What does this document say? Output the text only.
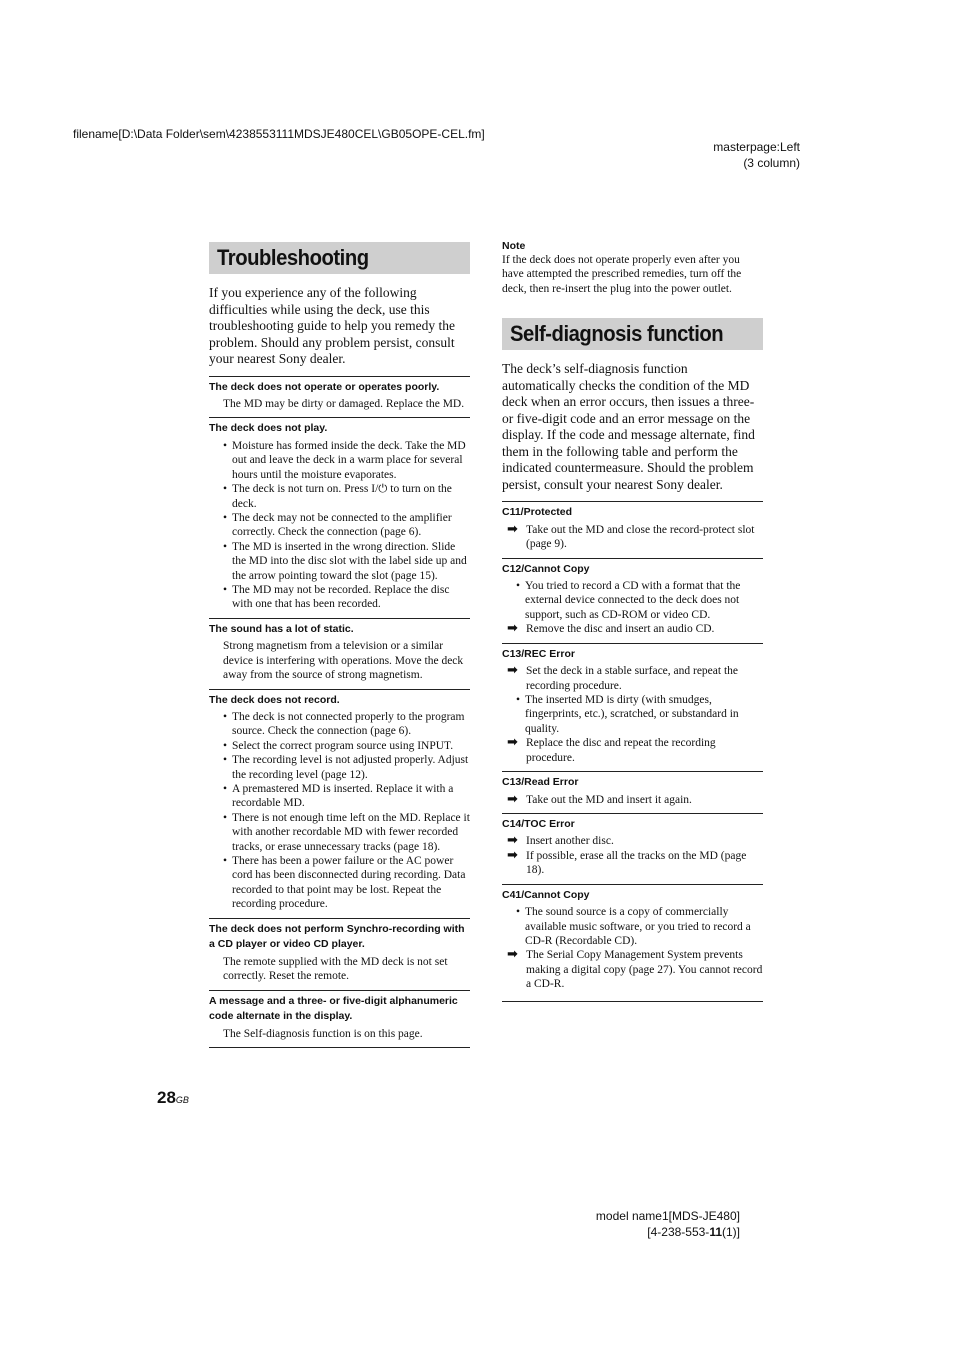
filename[D:\Data Folder\sem\4238553111MDSJE480CEL\GB05OPE-CEL.fm]
masterpage:Left
(3 column)
Troubleshooting
If you experience any of the following difficulties while using the deck, use this troubleshooting guide to help you remedy the problem. Should any problem persist, consult your nearest Sony dealer.
The deck does not operate or operates poorly.
The MD may be dirty or damaged. Replace the MD.
The deck does not play.
• Moisture has formed inside the deck. Take the MD out and leave the deck in a warm place for several hours until the moisture evaporates.
• The deck is not turn on. Press I/⏻ to turn on the deck.
• The deck may not be connected to the amplifier correctly. Check the connection (page 6).
• The MD is inserted in the wrong direction. Slide the MD into the disc slot with the label side up and the arrow pointing toward the slot (page 15).
• The MD may not be recorded. Replace the disc with one that has been recorded.
The sound has a lot of static.
Strong magnetism from a television or a similar device is interfering with operations. Move the deck away from the source of strong magnetism.
The deck does not record.
• The deck is not connected properly to the program source. Check the connection (page 6).
• Select the correct program source using INPUT.
• The recording level is not adjusted properly. Adjust the recording level (page 12).
• A premastered MD is inserted. Replace it with a recordable MD.
• There is not enough time left on the MD. Replace it with another recordable MD with fewer recorded tracks, or erase unnecessary tracks (page 18).
• There has been a power failure or the AC power cord has been disconnected during recording. Data recorded to that point may be lost. Repeat the recording procedure.
The deck does not perform Synchro-recording with a CD player or video CD player.
The remote supplied with the MD deck is not set correctly. Reset the remote.
A message and a three- or five-digit alphanumeric code alternate in the display.
The Self-diagnosis function is on this page.
Note
If the deck does not operate properly even after you have attempted the prescribed remedies, turn off the deck, then re-insert the plug into the power outlet.
Self-diagnosis function
The deck’s self-diagnosis function automatically checks the condition of the MD deck when an error occurs, then issues a three- or five-digit code and an error message on the display. If the code and message alternate, find them in the following table and perform the indicated countermeasure. Should the problem persist, consult your nearest Sony dealer.
C11/Protected
➡ Take out the MD and close the record-protect slot (page 9).
C12/Cannot Copy
• You tried to record a CD with a format that the external device connected to the deck does not support, such as CD-ROM or video CD.
➡ Remove the disc and insert an audio CD.
C13/REC Error
➡ Set the deck in a stable surface, and repeat the recording procedure.
• The inserted MD is dirty (with smudges, fingerprints, etc.), scratched, or substandard in quality.
➡ Replace the disc and repeat the recording procedure.
C13/Read Error
➡ Take out the MD and insert it again.
C14/TOC Error
➡ Insert another disc.
➡ If possible, erase all the tracks on the MD (page 18).
C41/Cannot Copy
• The sound source is a copy of commercially available music software, or you tried to record a CD-R (Recordable CD).
➡ The Serial Copy Management System prevents making a digital copy (page 27). You cannot record a CD-R.
28GB
model name1[MDS-JE480]
[4-238-553-11(1)]
